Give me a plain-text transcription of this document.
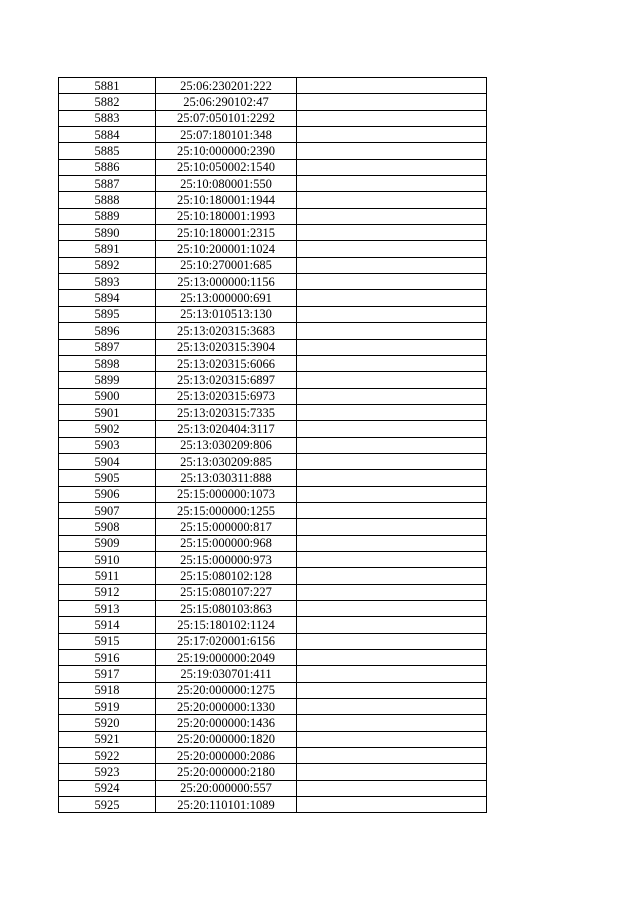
5881	25:06:230201:222	
5882	25:06:290102:47	
5883	25:07:050101:2292	
5884	25:07:180101:348	
5885	25:10:000000:2390	
5886	25:10:050002:1540	
5887	25:10:080001:550	
5888	25:10:180001:1944	
5889	25:10:180001:1993	
5890	25:10:180001:2315	
5891	25:10:200001:1024	
5892	25:10:270001:685	
5893	25:13:000000:1156	
5894	25:13:000000:691	
5895	25:13:010513:130	
5896	25:13:020315:3683	
5897	25:13:020315:3904	
5898	25:13:020315:6066	
5899	25:13:020315:6897	
5900	25:13:020315:6973	
5901	25:13:020315:7335	
5902	25:13:020404:3117	
5903	25:13:030209:806	
5904	25:13:030209:885	
5905	25:13:030311:888	
5906	25:15:000000:1073	
5907	25:15:000000:1255	
5908	25:15:000000:817	
5909	25:15:000000:968	
5910	25:15:000000:973	
5911	25:15:080102:128	
5912	25:15:080107:227	
5913	25:15:080103:863	
5914	25:15:180102:1124	
5915	25:17:020001:6156	
5916	25:19:000000:2049	
5917	25:19:030701:411	
5918	25:20:000000:1275	
5919	25:20:000000:1330	
5920	25:20:000000:1436	
5921	25:20:000000:1820	
5922	25:20:000000:2086	
5923	25:20:000000:2180	
5924	25:20:000000:557	
5925	25:20:110101:1089	
